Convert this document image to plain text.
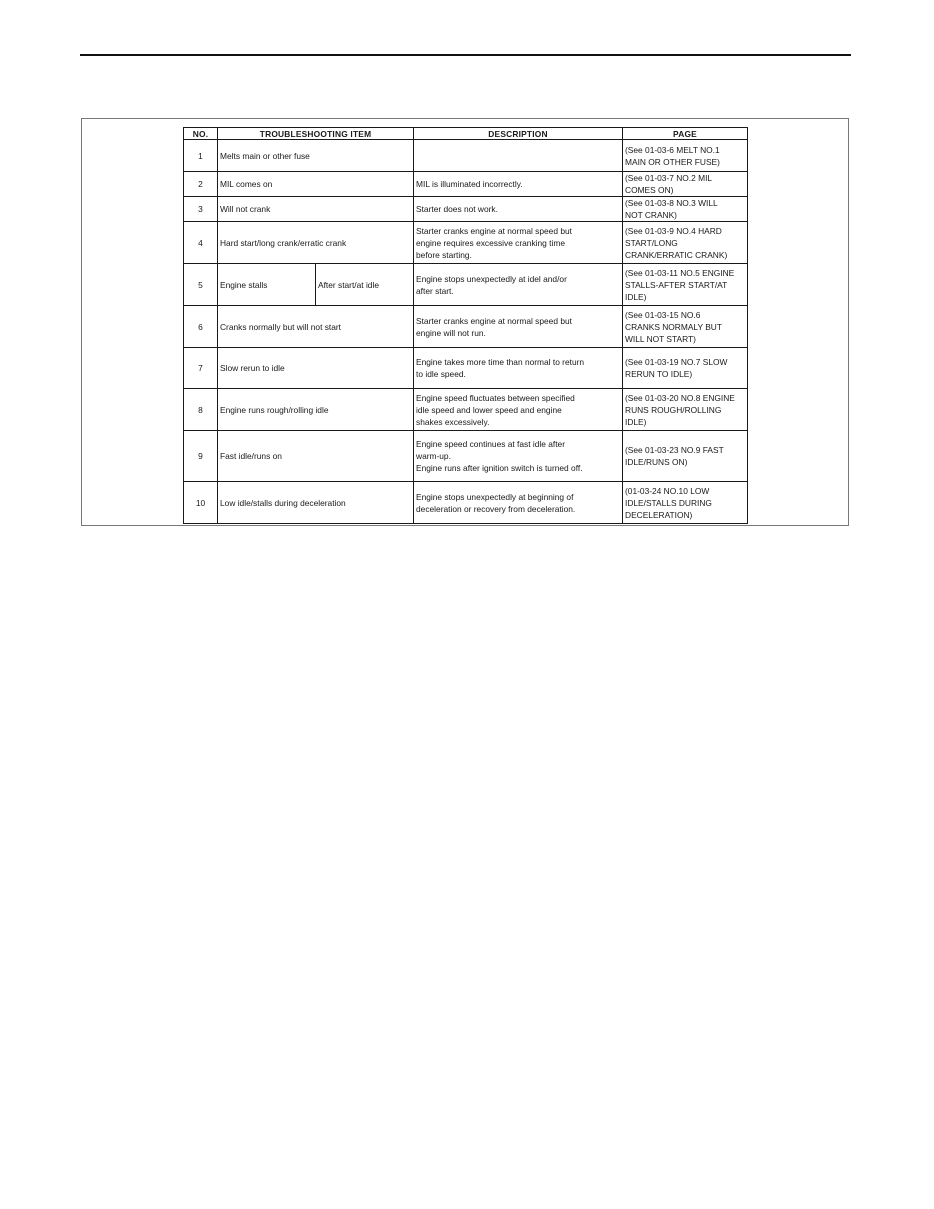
NO.	TROUBLESHOOTING ITEM		DESCRIPTION	PAGE
1	Melts main or other fuse			(See 01-03-6 MELT NO.1
MAIN OR OTHER FUSE)
2	MIL comes on		MIL is illuminated incorrectly.	(See 01-03-7 NO.2 MIL
COMES ON)
3	Will not crank		Starter does not work.	(See 01-03-8 NO.3 WILL
NOT CRANK)
4	Hard start/long crank/erratic crank		Starter cranks engine at normal speed but
engine requires excessive cranking time
before starting.	(See 01-03-9 NO.4 HARD
START/LONG
CRANK/ERRATIC CRANK)
5	Engine stalls	After start/at idle	Engine stops unexpectedly at idel and/or
after start.	(See 01-03-11 NO.5 ENGINE
STALLS-AFTER START/AT
IDLE)
6	Cranks normally but will not start		Starter cranks engine at normal speed but
engine will not run.	(See 01-03-15 NO.6
CRANKS NORMALY BUT
WILL NOT START)
7	Slow rerun to idle		Engine takes more time than normal to return
to idle speed.	(See 01-03-19 NO.7 SLOW
RERUN TO IDLE)
8	Engine runs rough/rolling idle		Engine speed fluctuates between specified
idle speed and lower speed and engine
shakes excessively.	(See 01-03-20 NO.8 ENGINE
RUNS ROUGH/ROLLING
IDLE)
9	Fast idle/runs on		Engine speed continues at fast idle after
warm-up.
Engine runs after ignition switch is turned off.	(See 01-03-23 NO.9 FAST
IDLE/RUNS ON)
10	Low idle/stalls during deceleration		Engine stops unexpectedly at beginning of
deceleration or recovery from deceleration.	(01-03-24 NO.10 LOW
IDLE/STALLS DURING
DECELERATION)
